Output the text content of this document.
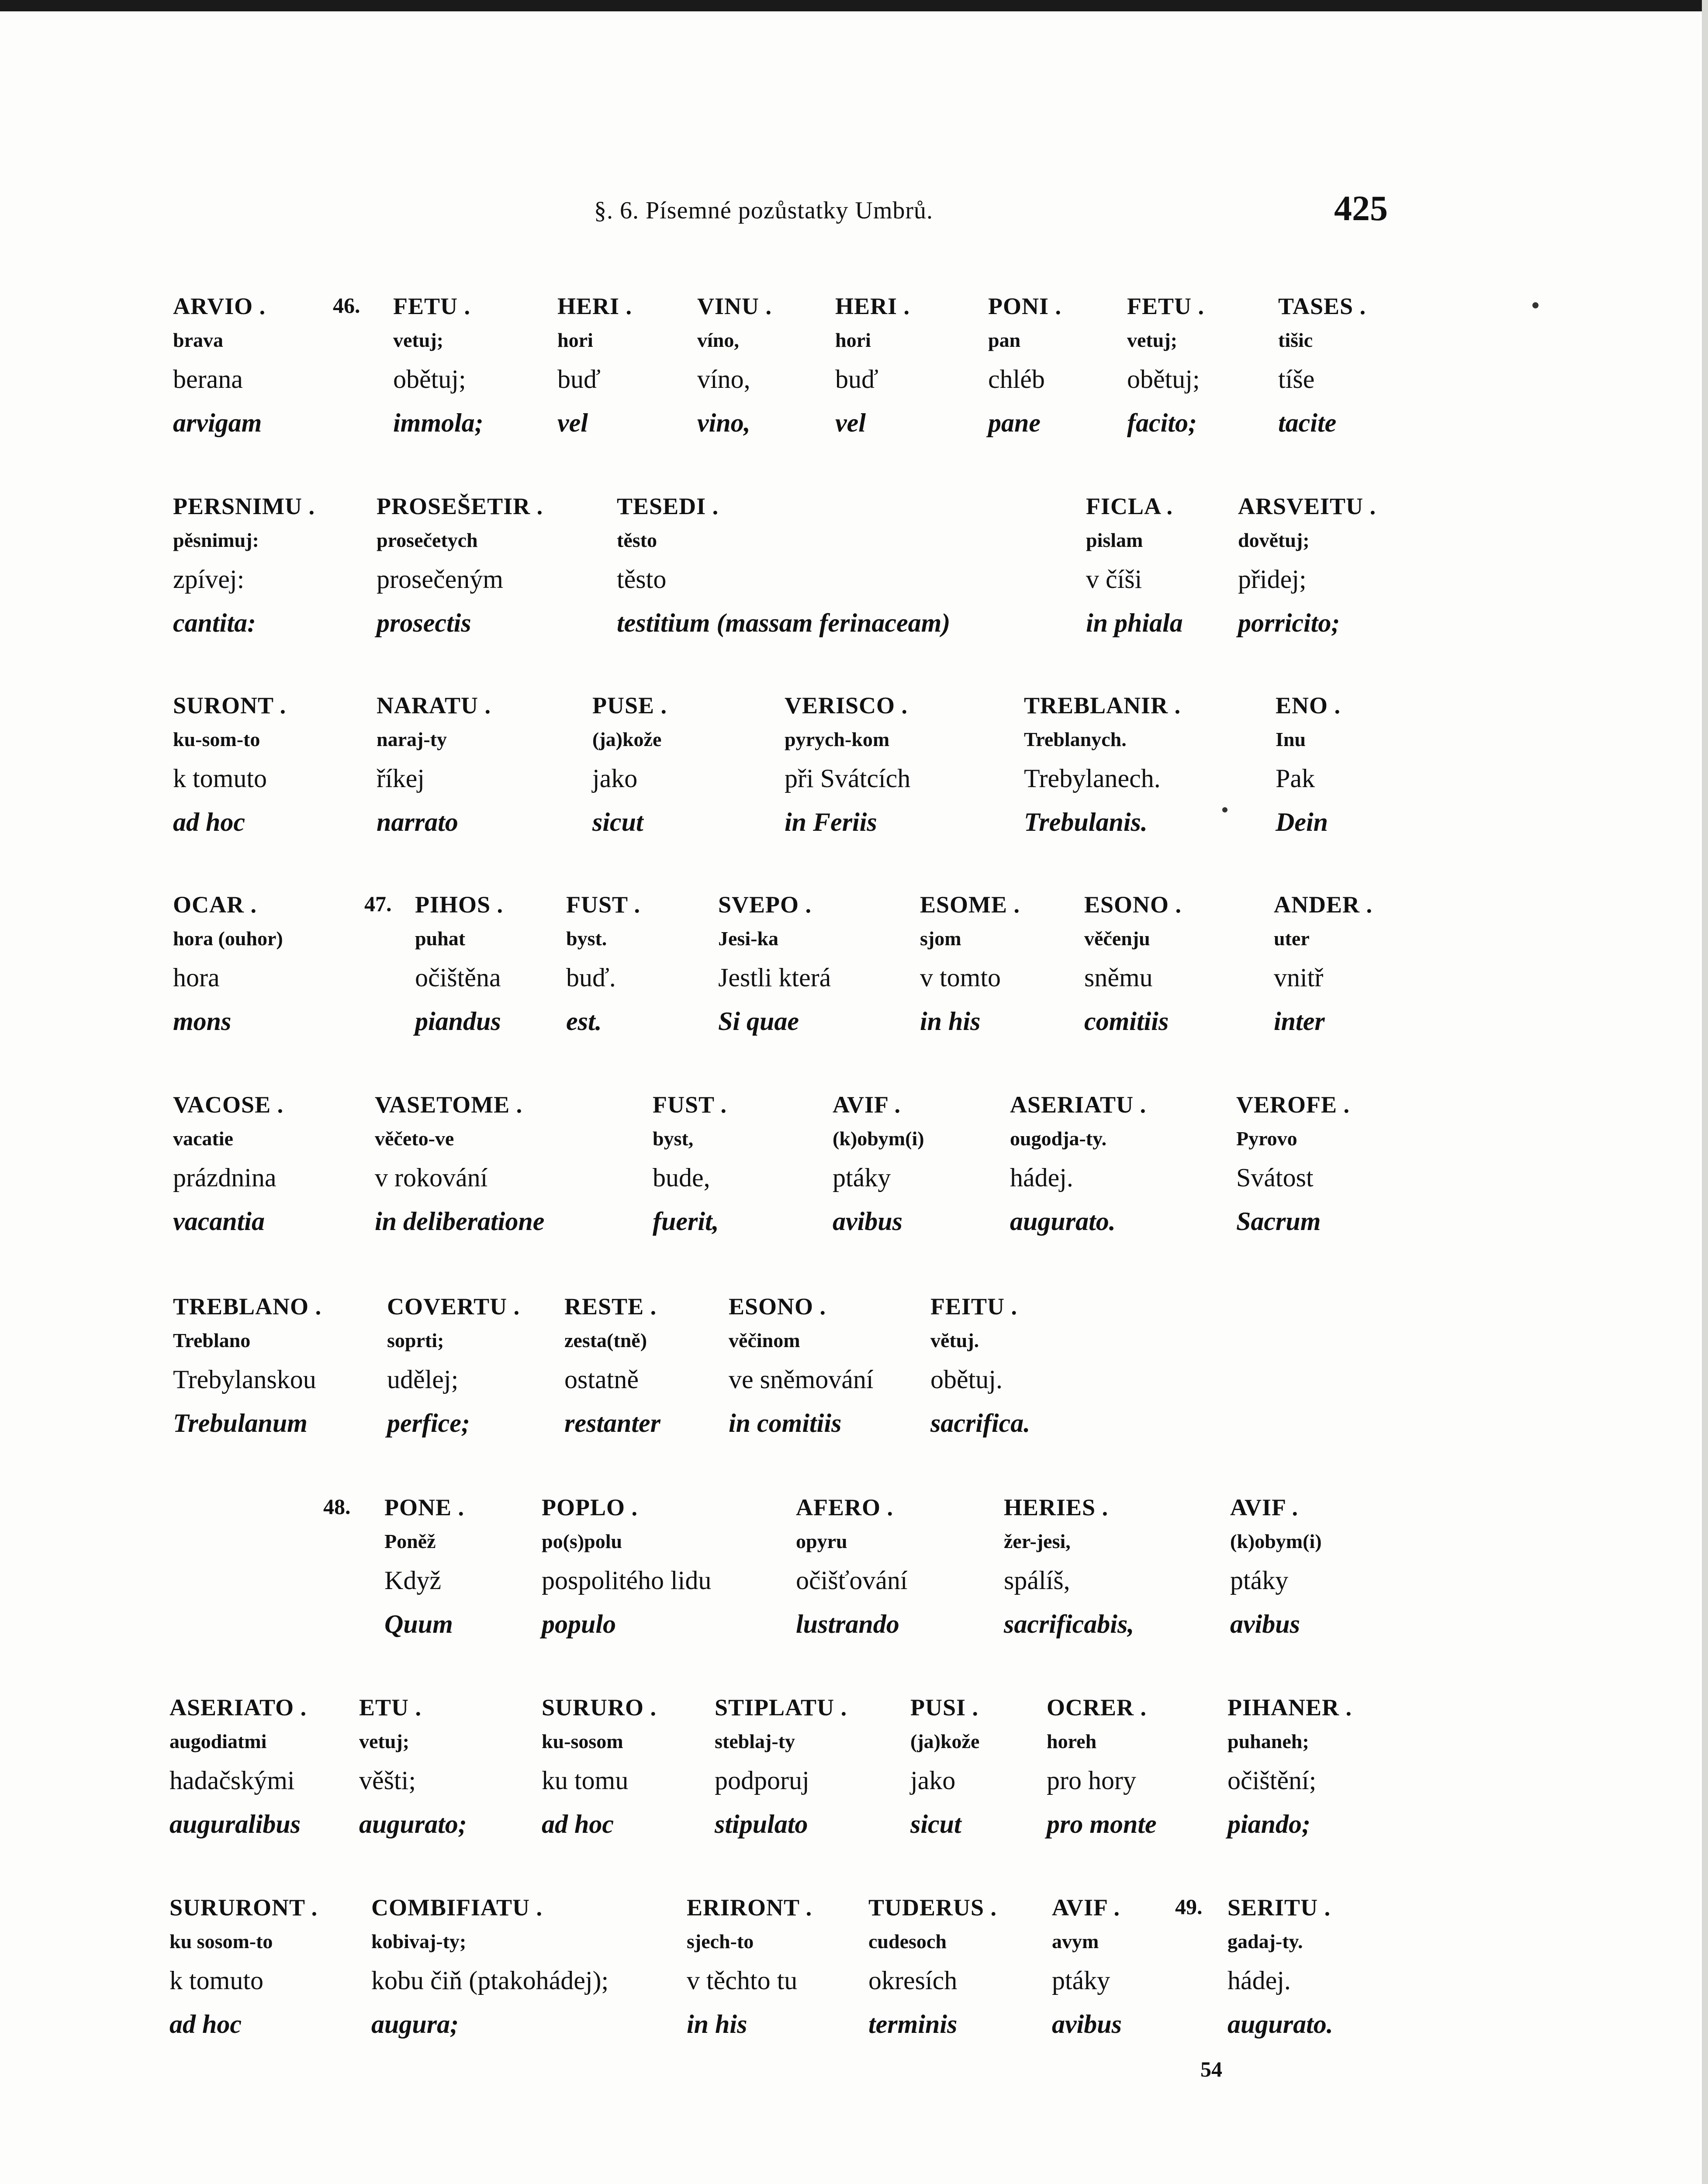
§. 6. Písemné pozůstatky Umbrů.	425
46.
ARVIO .
brava
berana
arvigam
FETU .
vetuj;
obětuj;
immola;
HERI .
hori
buď
vel
VINU .
víno,
víno,
vino,
HERI .
hori
buď
vel
PONI .
pan
chléb
pane
FETU .
vetuj;
obětuj;
facito;
TASES .
tišic
tíše
tacite
PERSNIMU .
pěsnimuj:
zpívej:
cantita:
PROSEŠETIR .
prosečetych
prosečeným
prosectis
TESEDI .
těsto
těsto
testitium (massam ferinaceam)
FICLA .
pislam
v číši
in phiala
ARSVEITU .
dovětuj;
přidej;
porricito;
SURONT .
ku-som-to
k tomuto
ad hoc
NARATU .
naraj-ty
říkej
narrato
PUSE .
(ja)kože
jako
sicut
VERISCO .
pyrych-kom
při Svátcích
in Feriis
TREBLANIR .
Treblanych.
Trebylanech.
Trebulanis.
ENO .
Inu
Pak
Dein
47.
OCAR .
hora (ouhor)
hora
mons
PIHOS .
puhat
očištěna
piandus
FUST .
byst.
buď.
est.
SVEPO .
Jesi-ka
Jestli která
Si quae
ESOME .
sjom
v tomto
in his
ESONO .
věčenju
sněmu
comitiis
ANDER .
uter
vnitř
inter
VACOSE .
vacatie
prázdnina
vacantia
VASETOME .
věčeto-ve
v rokování
in deliberatione
FUST .
byst,
bude,
fuerit,
AVIF .
(k)obym(i)
ptáky
avibus
ASERIATU .
ougodja-ty.
hádej.
augurato.
VEROFE .
Pyrovo
Svátost
Sacrum
TREBLANO .
Treblano
Trebylanskou
Trebulanum
COVERTU .
soprti;
udělej;
perfice;
RESTE .
zesta(tně)
ostatně
restanter
ESONO .
věčinom
ve sněmování
in comitiis
FEITU .
vĕtuj.
obětuj.
sacrifica.
48. PONE .
Poněž
Když
Quum
POPLO .
po(s)polu
pospolitého lidu
populo
AFERO .
opyru
očišťování
lustrando
HERIES .
žer-jesi,
spálíš,
sacrificabis,
AVIF .
(k)obym(i)
ptáky
avibus
ASERIATO .
augodiatmi
hadačskými
auguralibus
ETU .
vetuj;
věšti;
augurato;
SURURO .
ku-sosom
ku tomu
ad hoc
STIPLATU .
steblaj-ty
podporuj
stipulato
PUSI .
(ja)kože
jako
sicut
OCRER .
horeh
pro hory
pro monte
PIHANER .
puhaneh;
očištění;
piando;
49.
SURURONT .
ku sosom-to
k tomuto
ad hoc
COMBIFIATU .
kobivaj-ty;
kobu čiň (ptakohádej);
augura;
ERIRONT .
sjech-to
v těchto tu
in his
TUDERUS .
cudesoch
okresích
terminis
AVIF .
avym
ptáky
avibus
SERITU .
gadaj-ty.
hádej.
augurato.
54
